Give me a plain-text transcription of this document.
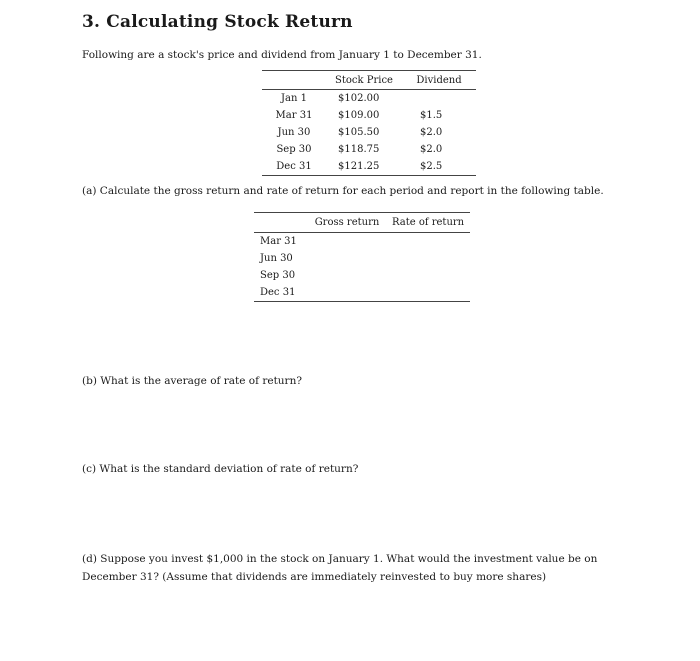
3. Calculating Stock Return

Following are a stock's price and dividend from January 1 to December 31.

	Stock Price	Dividend
Jan 1	$102.00	
Mar 31	$109.00	$1.5
Jun 30	$105.50	$2.0
Sep 30	$118.75	$2.0
Dec 31	$121.25	$2.5

(a) Calculate the gross return and rate of return for each period and report in the following table.

	Gross return	Rate of return
Mar 31		
Jun 30		
Sep 30		
Dec 31		

(b) What is the average of rate of return?

(c) What is the standard deviation of rate of return?

(d) Suppose you invest $1,000 in the stock on January 1. What would the investment value be on December 31? (Assume that dividends are immediately reinvested to buy more shares)
